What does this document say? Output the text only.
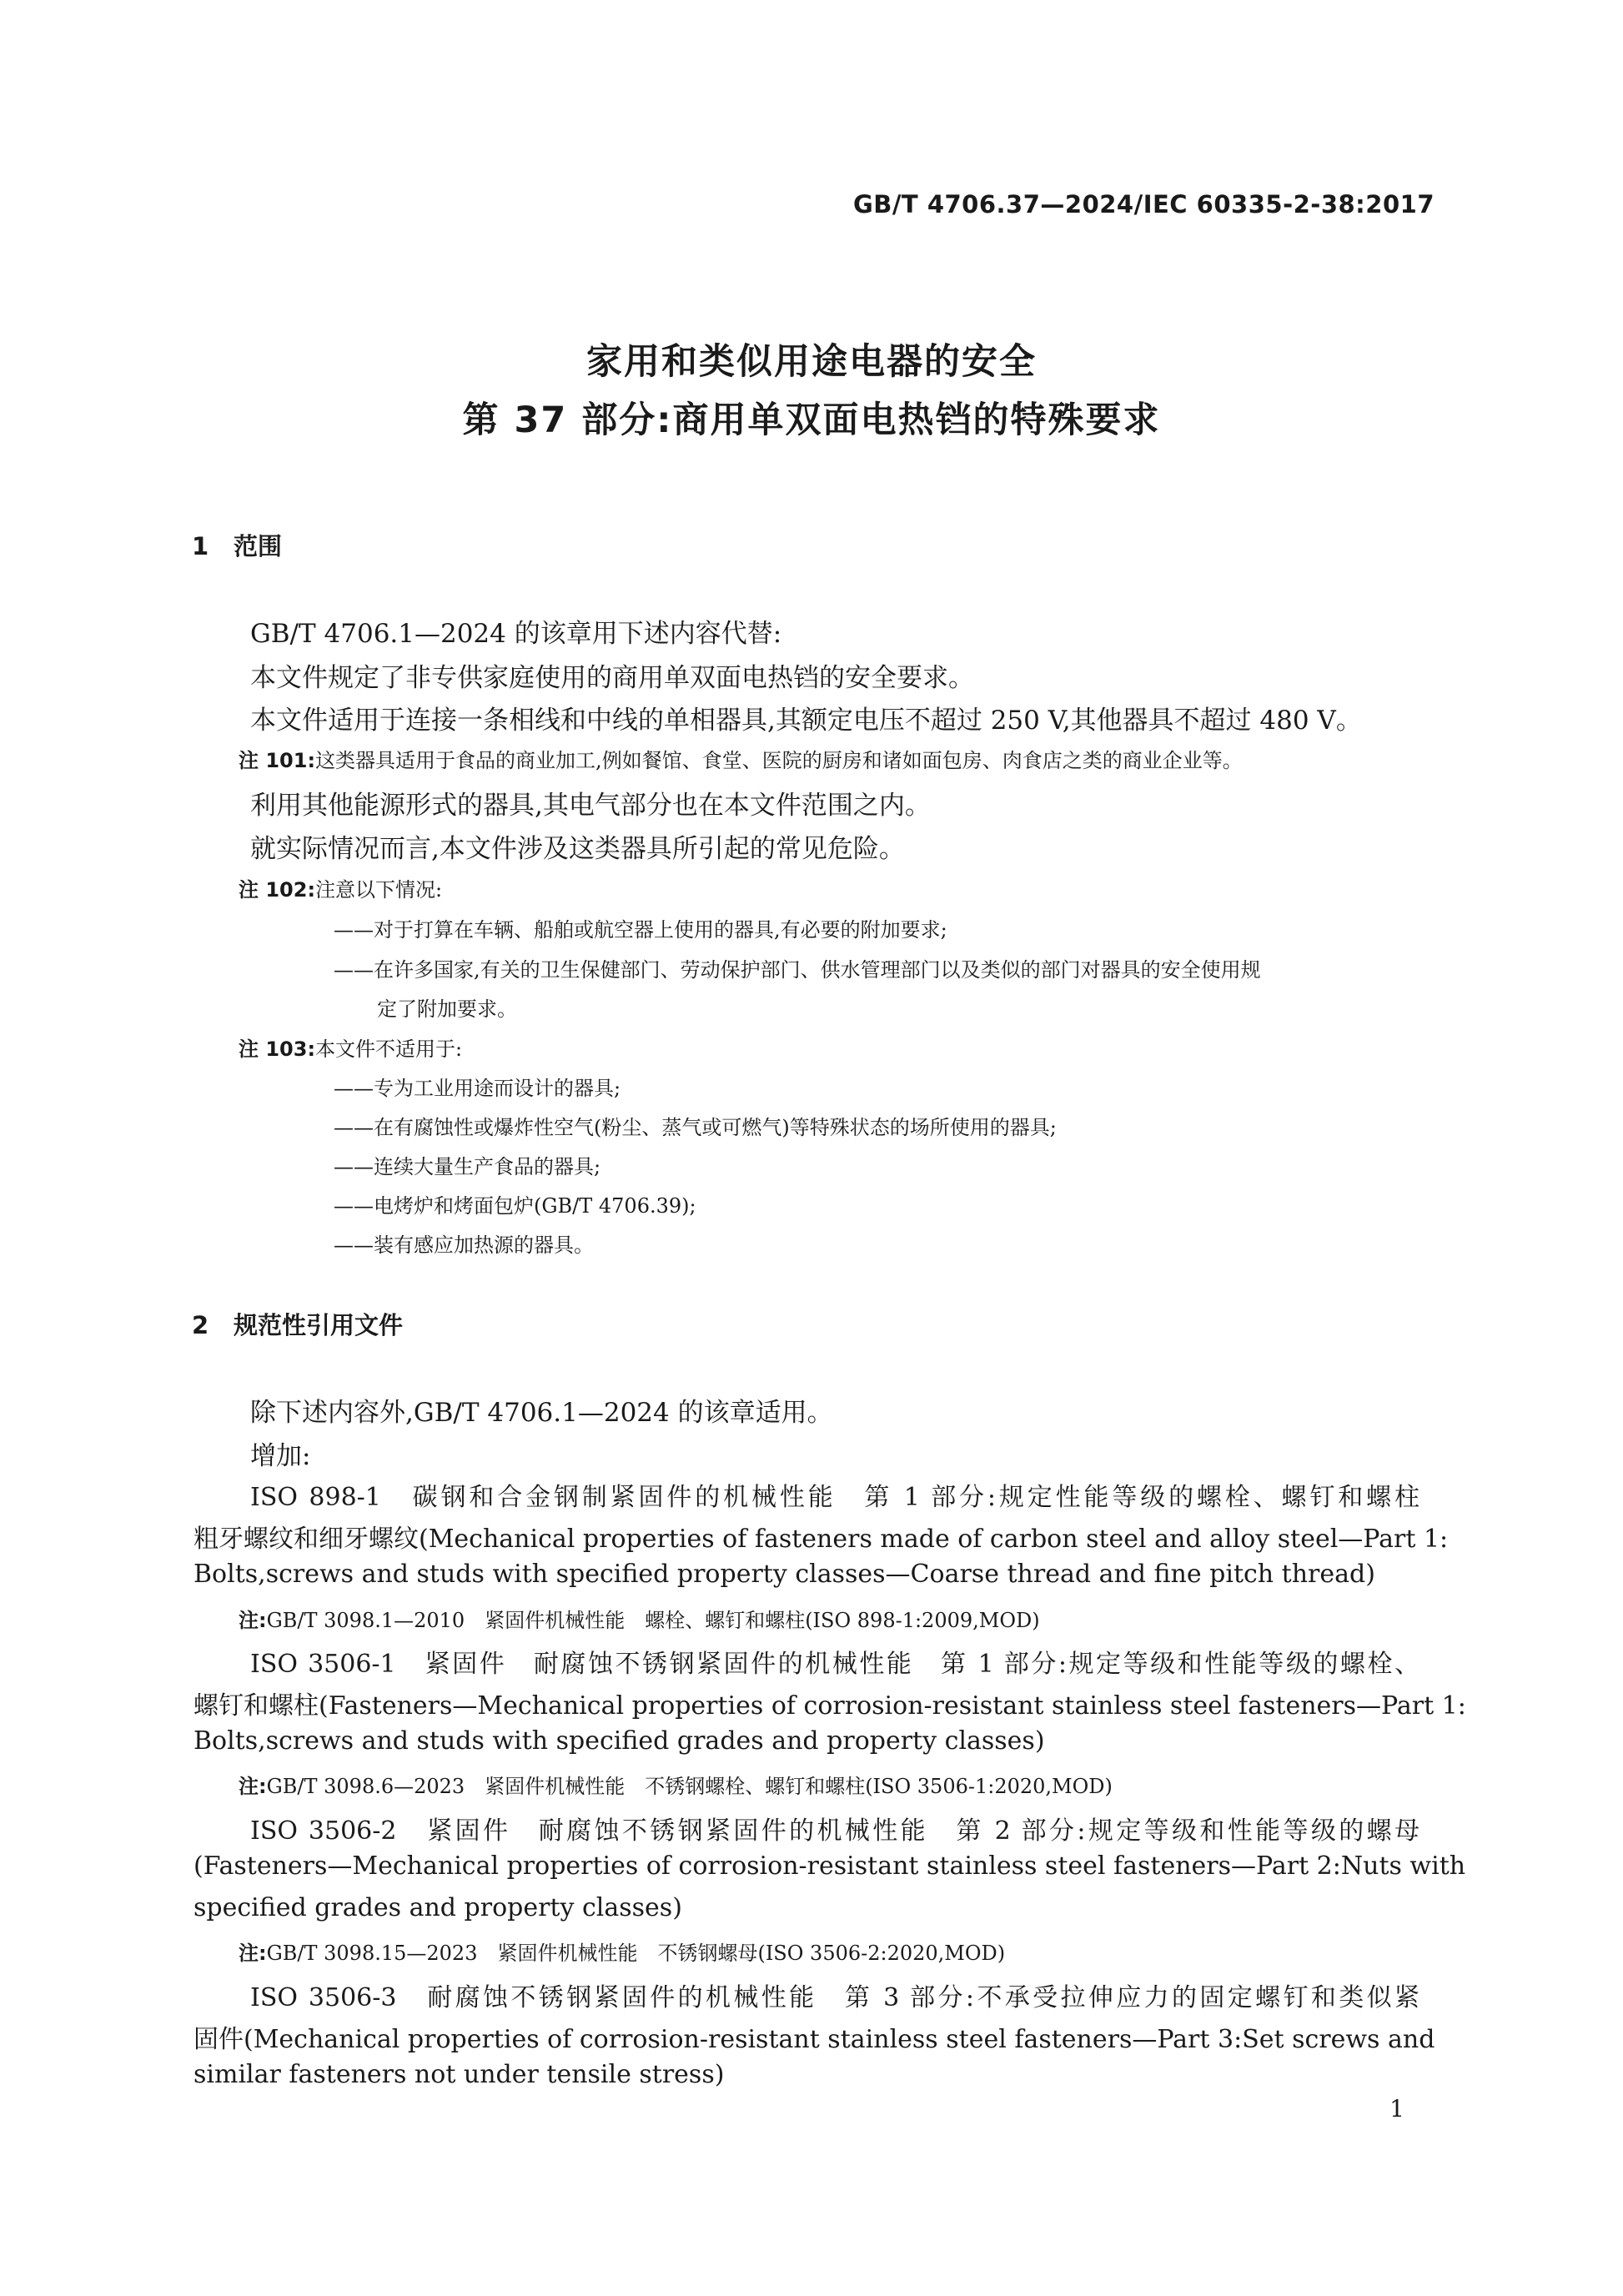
GB/T 4706.37—2024/IEC 60335-2-38:2017
家用和类似用途电器的安全
第 37 部分:商用单双面电热铛的特殊要求
1 范围
GB/T 4706.1—2024 的该章用下述内容代替:
本文件规定了非专供家庭使用的商用单双面电热铛的安全要求。
本文件适用于连接一条相线和中线的单相器具,其额定电压不超过 250 V,其他器具不超过 480 V。
注 101:这类器具适用于食品的商业加工,例如餐馆、食堂、医院的厨房和诸如面包房、肉食店之类的商业企业等。
利用其他能源形式的器具,其电气部分也在本文件范围之内。
就实际情况而言,本文件涉及这类器具所引起的常见危险。
注 102:注意以下情况:
——对于打算在车辆、船舶或航空器上使用的器具,有必要的附加要求;
——在许多国家,有关的卫生保健部门、劳动保护部门、供水管理部门以及类似的部门对器具的安全使用规
定了附加要求。
注 103:本文件不适用于:
——专为工业用途而设计的器具;
——在有腐蚀性或爆炸性空气(粉尘、蒸气或可燃气)等特殊状态的场所使用的器具;
——连续大量生产食品的器具;
——电烤炉和烤面包炉(GB/T 4706.39);
——装有感应加热源的器具。
2 规范性引用文件
除下述内容外,GB/T 4706.1—2024 的该章适用。
增加:
ISO 898-1　碳钢和合金钢制紧固件的机械性能　第 1 部分:规定性能等级的螺栓、螺钉和螺柱
粗牙螺纹和细牙螺纹(Mechanical properties of fasteners made of carbon steel and alloy steel—Part 1:
Bolts,screws and studs with specified property classes—Coarse thread and fine pitch thread)
注:GB/T 3098.1—2010　紧固件机械性能　螺栓、螺钉和螺柱(ISO 898-1:2009,MOD)
ISO 3506-1　紧固件　耐腐蚀不锈钢紧固件的机械性能　第 1 部分:规定等级和性能等级的螺栓、
螺钉和螺柱(Fasteners—Mechanical properties of corrosion-resistant stainless steel fasteners—Part 1:
Bolts,screws and studs with specified grades and property classes)
注:GB/T 3098.6—2023　紧固件机械性能　不锈钢螺栓、螺钉和螺柱(ISO 3506-1:2020,MOD)
ISO 3506-2　紧固件　耐腐蚀不锈钢紧固件的机械性能　第 2 部分:规定等级和性能等级的螺母
(Fasteners—Mechanical properties of corrosion-resistant stainless steel fasteners—Part 2:Nuts with
specified grades and property classes)
注:GB/T 3098.15—2023　紧固件机械性能　不锈钢螺母(ISO 3506-2:2020,MOD)
ISO 3506-3　耐腐蚀不锈钢紧固件的机械性能　第 3 部分:不承受拉伸应力的固定螺钉和类似紧
固件(Mechanical properties of corrosion-resistant stainless steel fasteners—Part 3:Set screws and
similar fasteners not under tensile stress)
1
